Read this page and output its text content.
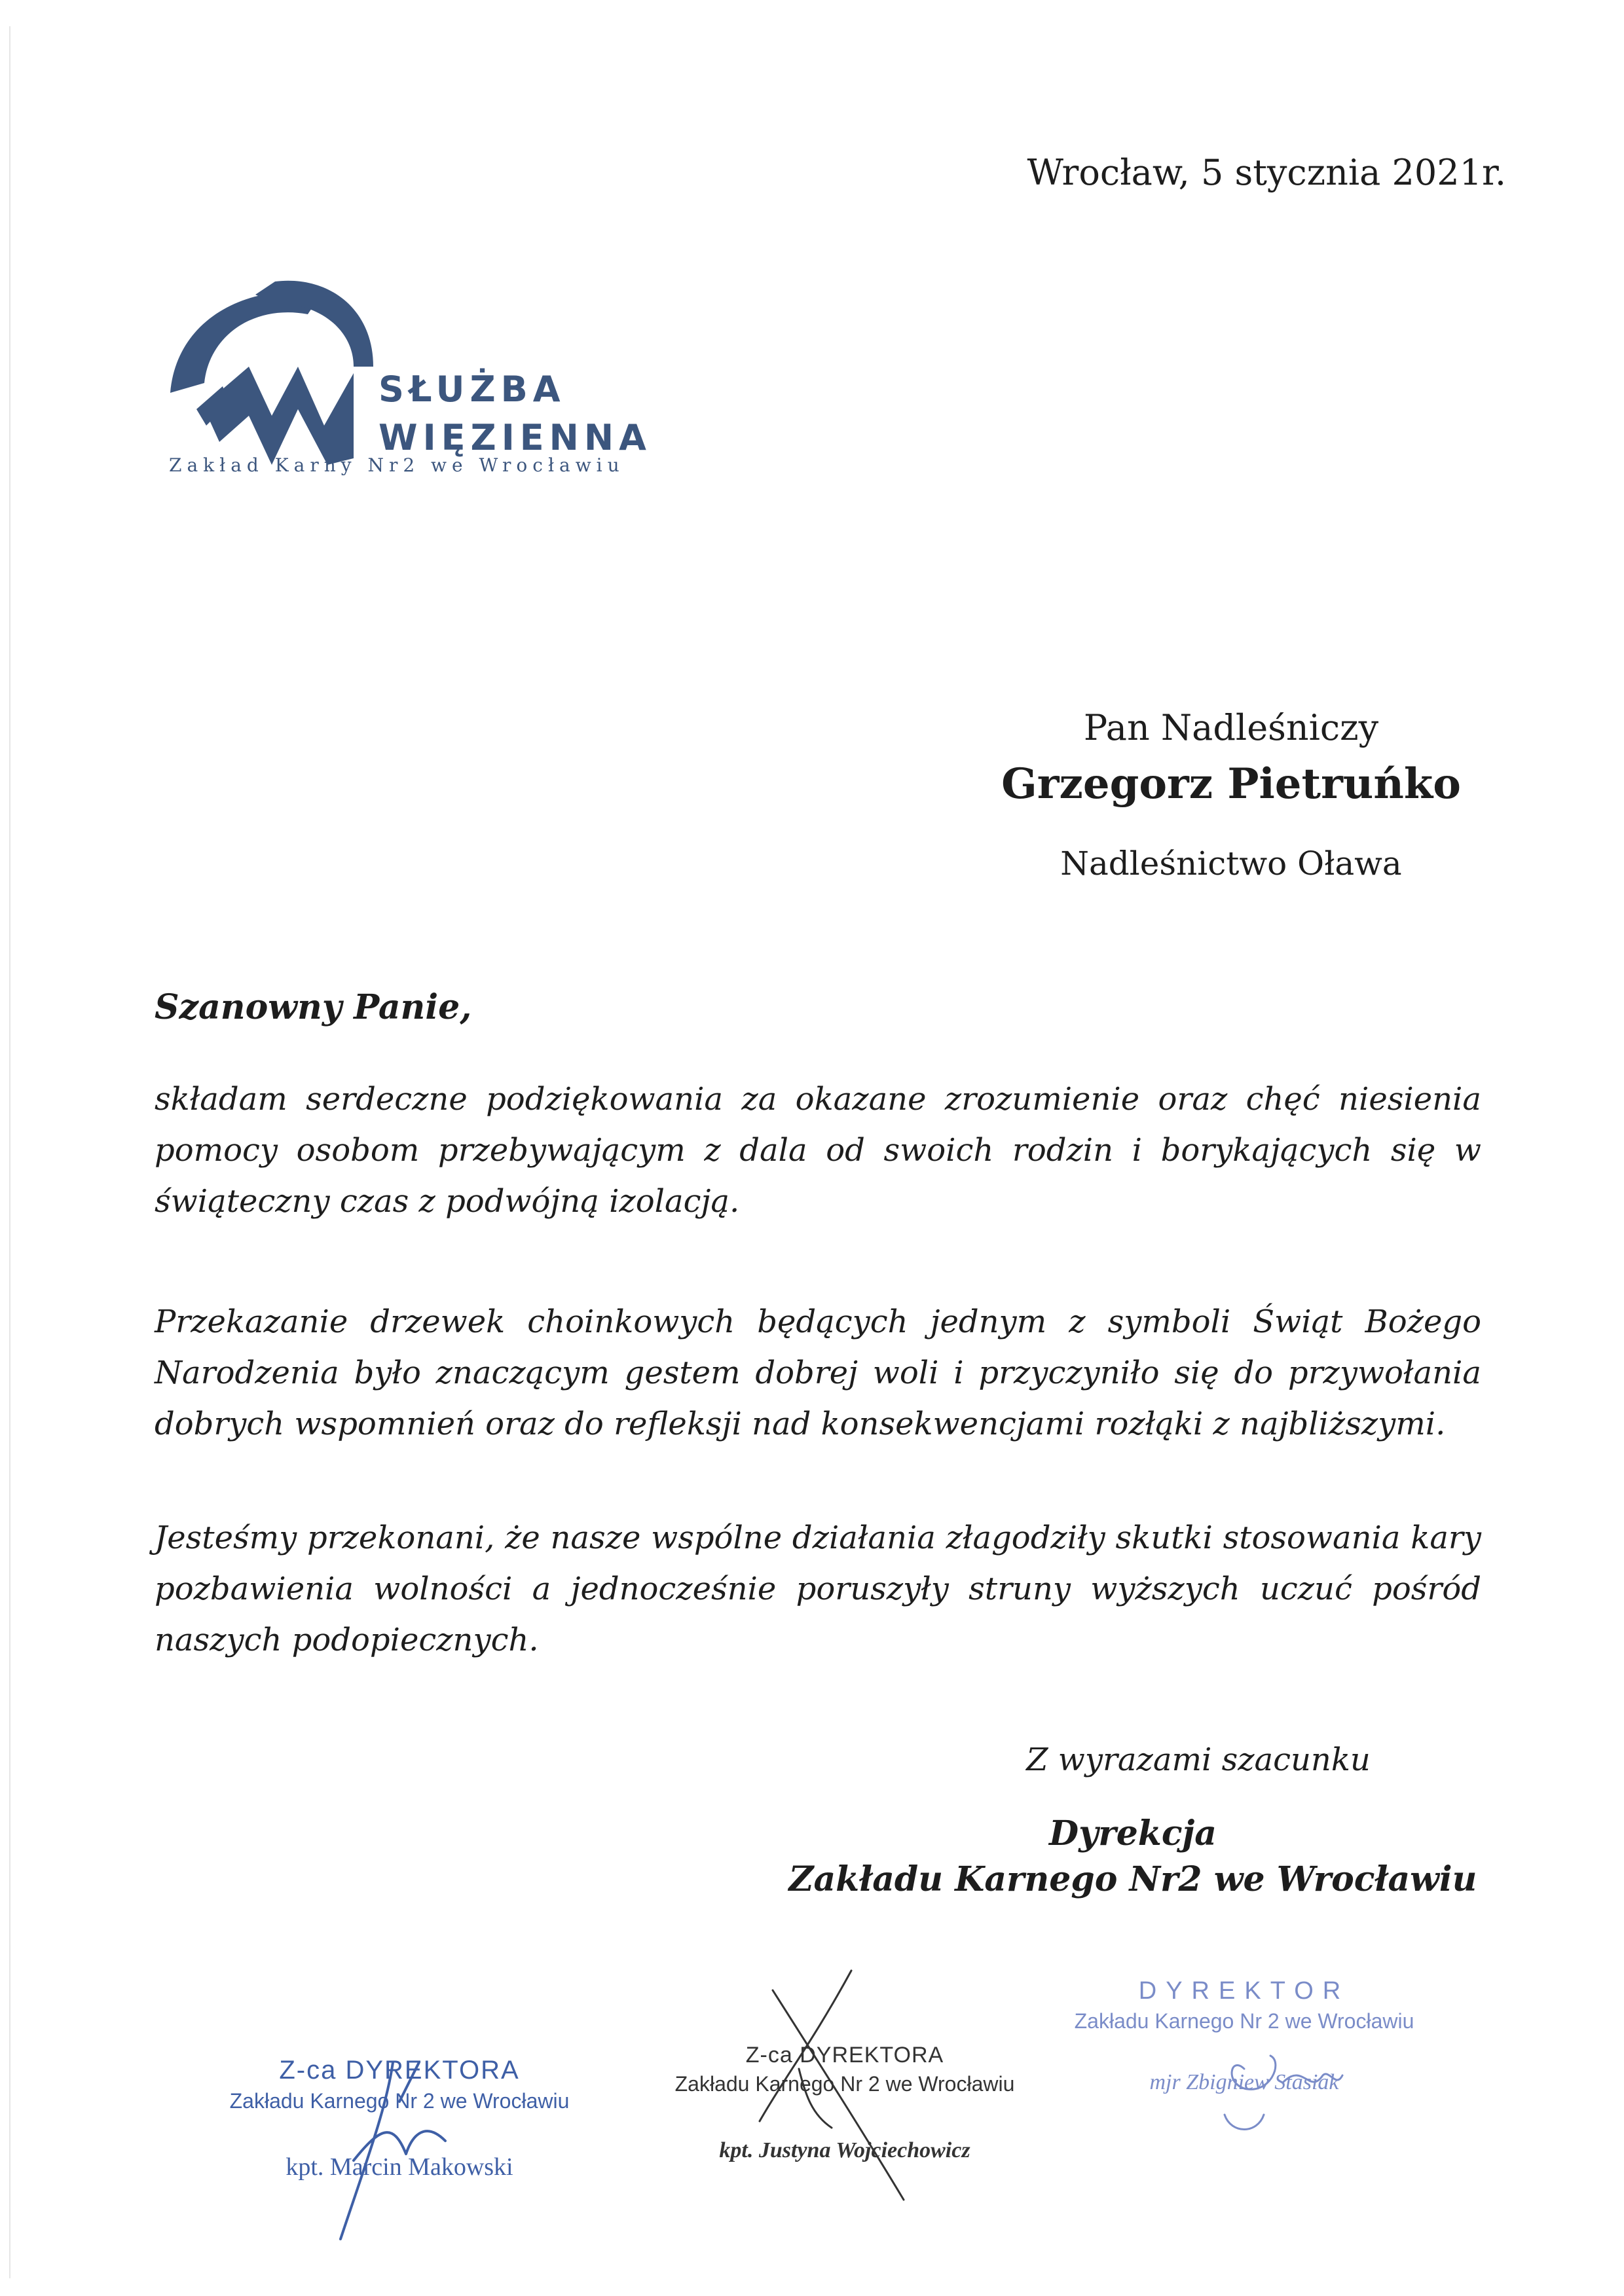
Wrocław, 5 stycznia 2021r.
SŁUŻBA
WIĘZIENNA
Zakład Karny Nr2 we Wrocławiu
Pan Nadleśniczy
Grzegorz Pietruńko
Nadleśnictwo Oława
Szanowny Panie,

składam serdeczne podziękowania za okazane zrozumienie oraz chęć niesienia pomocy osobom przebywającym z dala od swoich rodzin i borykających się w świąteczny czas z podwójną izolacją.

Przekazanie drzewek choinkowych będących jednym z symboli Świąt Bożego Narodzenia było znaczącym gestem dobrej woli i przyczyniło się do przywołania dobrych wspomnień oraz do refleksji nad konsekwencjami rozłąki z najbliższymi.

Jesteśmy przekonani, że nasze wspólne działania złagodziły skutki stosowania kary pozbawienia wolności a jednocześnie poruszyły struny wyższych uczuć pośród naszych podopiecznych.

Z wyrazami szacunku
Dyrekcja
Zakładu Karnego Nr2 we Wrocławiu
Z-ca DYREKTORA
Zakładu Karnego Nr 2 we Wrocławiu
kpt. Marcin Makowski
Z-ca DYREKTORA
Zakładu Karnego Nr 2 we Wrocławiu
kpt. Justyna Wojciechowicz
DYREKTOR
Zakładu Karnego Nr 2 we Wrocławiu
mjr Zbigniew Stasiak
